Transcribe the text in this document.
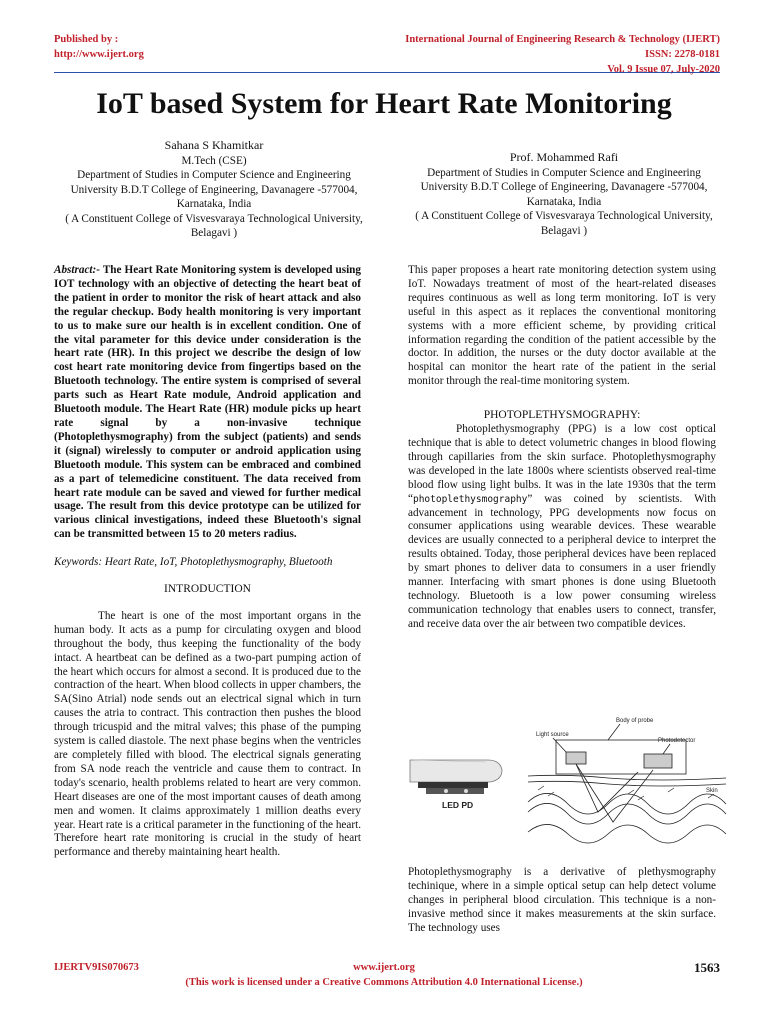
Published by :
http://www.ijert.org
International Journal of Engineering Research & Technology (IJERT)
ISSN: 2278-0181
Vol. 9 Issue 07, July-2020
IoT based System for Heart Rate Monitoring
Sahana S Khamitkar
M.Tech (CSE)
Department of Studies in Computer Science and Engineering
University B.D.T College of Engineering, Davanagere -577004, Karnataka, India
( A Constituent College of Visvesvaraya Technological University, Belagavi )
Prof. Mohammed Rafi
Department of Studies in Computer Science and Engineering
University B.D.T College of Engineering, Davanagere -577004, Karnataka, India
( A Constituent College of Visvesvaraya Technological University, Belagavi )

Abstract:- The Heart Rate Monitoring system is developed using IOT technology with an objective of detecting the heart beat of the patient in order to monitor the risk of heart attack and also the regular checkup. Body health monitoring is very important to us to make sure our health is in excellent condition. One of the vital parameter for this device under consideration is the heart rate (HR). In this project we describe the design of low cost heart rate monitoring device from fingertips based on the Bluetooth technology. The entire system is comprised of several parts such as Heart Rate module, Android application and Bluetooth module. The Heart Rate (HR) module picks up heart rate signal by a non-invasive technique (Photoplethysmography) from the subject (patients) and sends it (signal) wirelessly to computer or android application using Bluetooth module. This system can be embraced and combined as a part of telemedicine constituent. The data received from heart rate module can be saved and viewed for further medical usage. The result from this device prototype can be utilized for various clinical investigations, indeed these Bluetooth's signal can be transmitted between 15 to 20 meters radius.

Keywords: Heart Rate, IoT, Photoplethysmography, Bluetooth

INTRODUCTION

The heart is one of the most important organs in the human body. It acts as a pump for circulating oxygen and blood throughout the body, thus keeping the functionality of the body intact. A heartbeat can be defined as a two-part pumping action of the heart which occurs for almost a second. It is produced due to the contraction of the heart. When blood collects in upper chambers, the SA(Sino Atrial) node sends out an electrical signal which in turn causes the atria to contract. This contraction then pushes the blood through tricuspid and the mitral valves; this phase of the pumping system is called diastole. The next phase begins when the ventricles are completely filled with blood. The electrical signals generating from SA node reach the ventricle and cause them to contract. In today's scenario, health problems related to heart are very common. Heart diseases are one of the most important causes of death among men and women. It claims approximately 1 million deaths every year. Heart rate is a critical parameter in the functioning of the heart. Therefore heart rate monitoring is crucial in the study of heart performance and thereby maintaining heart health.

This paper proposes a heart rate monitoring detection system using IoT. Nowadays treatment of most of the heart-related diseases requires continuous as well as long term monitoring. IoT is very useful in this aspect as it replaces the conventional monitoring systems with a more efficient scheme, by providing critical information regarding the condition of the patient accessible by the doctor. In addition, the nurses or the duty doctor available at the hospital can monitor the heart rate of the patient in the serial monitor through the real-time monitoring system.

PHOTOPLETHYSMOGRAPHY:

Photoplethysmography (PPG) is a low cost optical technique that is able to detect volumetric changes in blood flowing through capillaries from the skin surface. Photoplethysmography was developed in the late 1800s where scientists observed real-time blood flow using light bulbs. It was in the late 1930s that the term “photoplethysmography” was coined by scientists. With advancement in technology, PPG developments now focus on consumer applications using wearable devices. These wearable devices are usually connected to a peripheral device to interpret the results obtained. Today, those peripheral devices have been replaced by smart phones to deliver data to consumers in a user friendly manner. Interfacing with smart phones is done using Bluetooth technology. Bluetooth is a low power consuming wireless communication technology that enables users to connect, transfer, and receive data over the air between two compatible devices.

LED PD
Body of probe
Light source
Photodetector
Skin

Photoplethysmography is a derivative of plethysmography techinique, where in a simple optical setup can help detect volume changes in peripheral blood circulation. This technique is a non-invasive method since it makes measurements at the skin surface. The technology uses

IJERTV9IS070673	www.ijert.org	1563
(This work is licensed under a Creative Commons Attribution 4.0 International License.)
